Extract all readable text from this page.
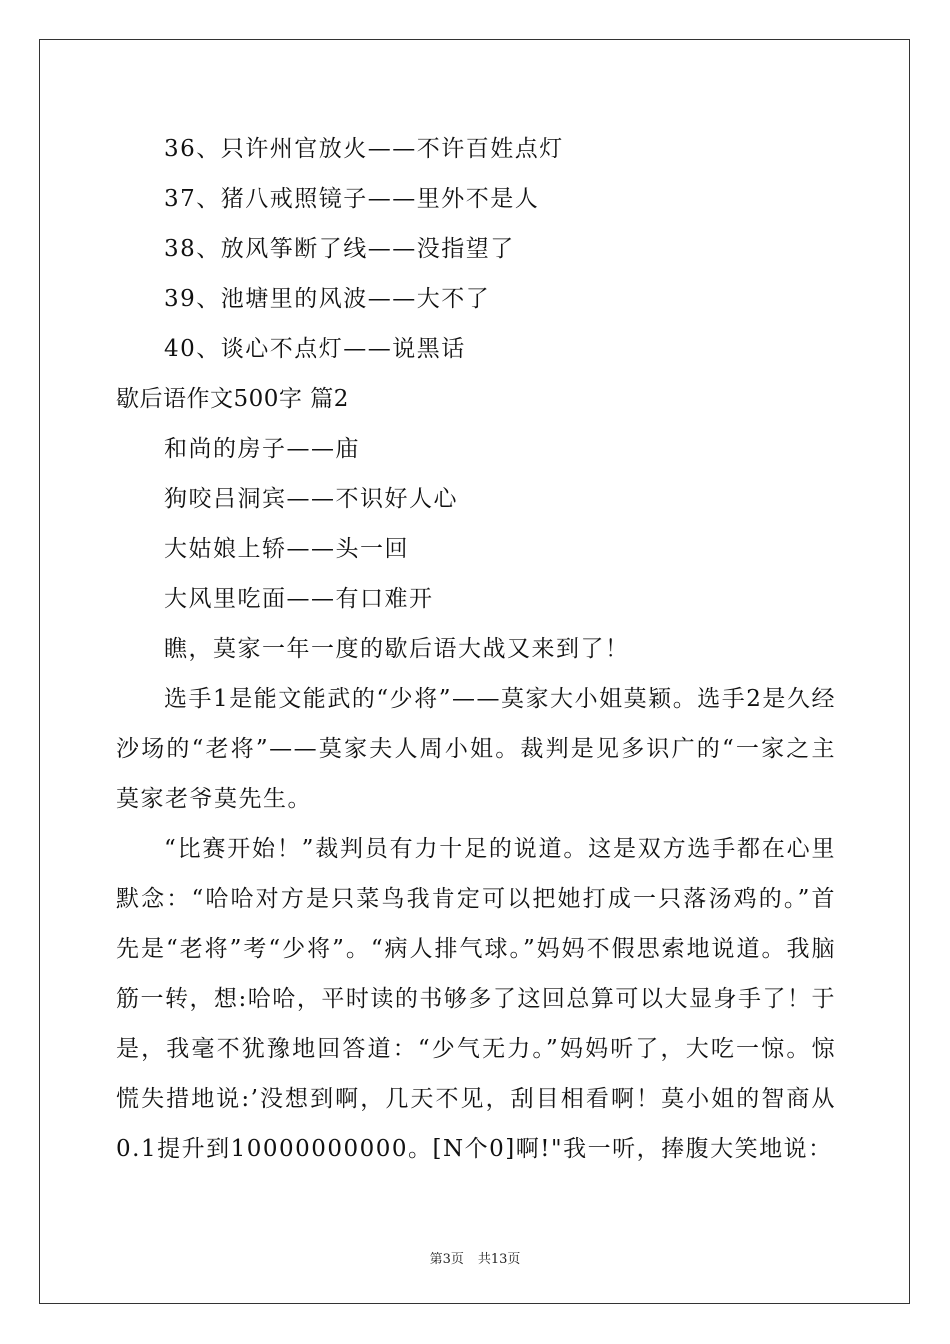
36、只许州官放火——不许百姓点灯
37、猪八戒照镜子——里外不是人
38、放风筝断了线——没指望了
39、池塘里的风波——大不了
40、谈心不点灯——说黑话
歇后语作文500字 篇2
和尚的房子——庙
狗咬吕洞宾——不识好人心
大姑娘上轿——头一回
大风里吃面——有口难开
瞧，莫家一年一度的歇后语大战又来到了！

选手1是能文能武的“少将”——莫家大小姐莫颖。选手2是久经沙场的“老将”——莫家夫人周小姐。裁判是见多识广的“一家之主莫家老爷莫先生。

“比赛开始！”裁判员有力十足的说道。这是双方选手都在心里默念：“哈哈对方是只菜鸟我肯定可以把她打成一只落汤鸡的。”首先是“老将”考“少将”。“病人排气球。”妈妈不假思索地说道。我脑筋一转，想:哈哈，平时读的书够多了这回总算可以大显身手了！于是，我毫不犹豫地回答道：“少气无力。”妈妈听了，大吃一惊。惊慌失措地说:’没想到啊，几天不见，刮目相看啊！莫小姐的智商从0.1提升到10000000000。[N个0]啊!"我一听，捧腹大笑地说：

第3页 共13页
